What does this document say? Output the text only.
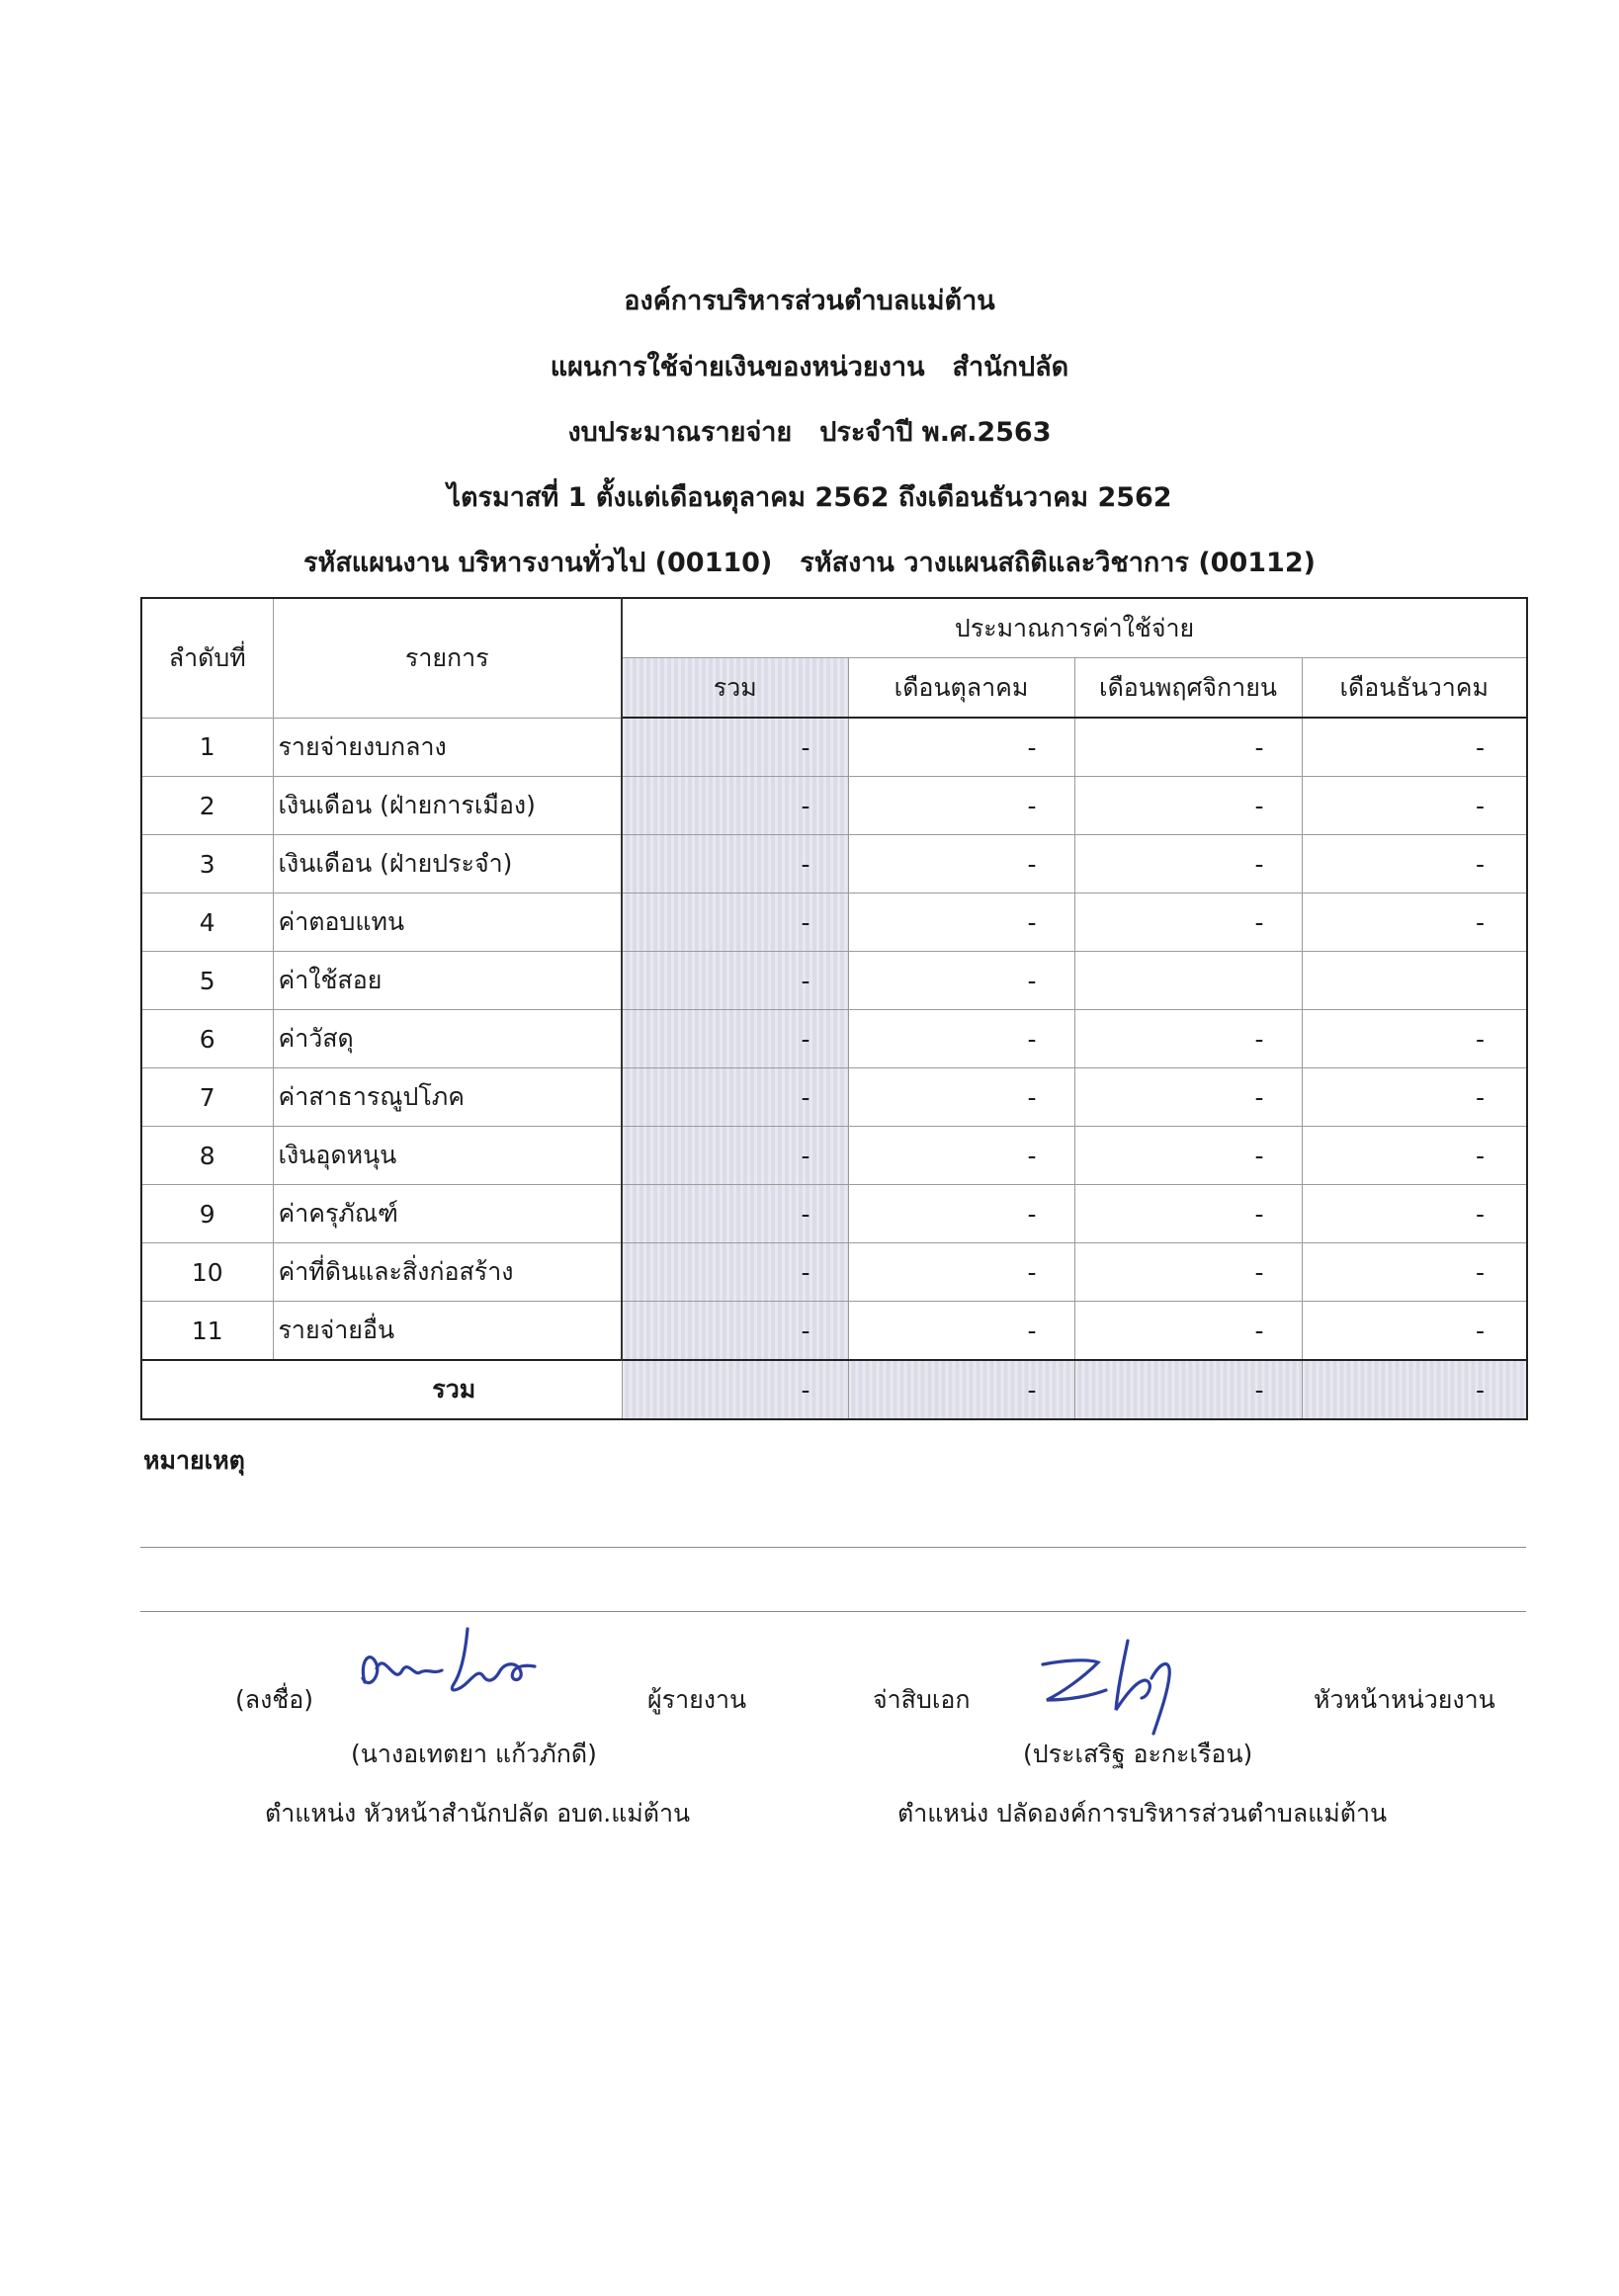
องค์การบริหารส่วนตำบลแม่ต้าน
แผนการใช้จ่ายเงินของหน่วยงาน สำนักปลัด
งบประมาณรายจ่าย ประจำปี พ.ศ.2563
ไตรมาสที่ 1 ตั้งแต่เดือนตุลาคม 2562 ถึงเดือนธันวาคม 2562
รหัสแผนงาน บริหารงานทั่วไป (00110) รหัสงาน วางแผนสถิติและวิชาการ (00112)
ลำดับที่	รายการ	ประมาณการค่าใช้จ่าย			
		รวม	เดือนตุลาคม	เดือนพฤศจิกายน	เดือนธันวาคม
1	รายจ่ายงบกลาง	-	-	-	-
2	เงินเดือน (ฝ่ายการเมือง)	-	-	-	-
3	เงินเดือน (ฝ่ายประจำ)	-	-	-	-
4	ค่าตอบแทน	-	-	-	-
5	ค่าใช้สอย	-	-		
6	ค่าวัสดุ	-	-	-	-
7	ค่าสาธารณูปโภค	-	-	-	-
8	เงินอุดหนุน	-	-	-	-
9	ค่าครุภัณฑ์	-	-	-	-
10	ค่าที่ดินและสิ่งก่อสร้าง	-	-	-	-
11	รายจ่ายอื่น	-	-	-	-
รวม		-	-	-	-
หมายเหตุ
(ลงชื่อ)	ผู้รายงาน
(นางอเทตยา แก้วภักดี)
ตำแหน่ง หัวหน้าสำนักปลัด อบต.แม่ต้าน
จ่าสิบเอก	หัวหน้าหน่วยงาน
(ประเสริฐ อะกะเรือน)
ตำแหน่ง ปลัดองค์การบริหารส่วนตำบลแม่ต้าน
